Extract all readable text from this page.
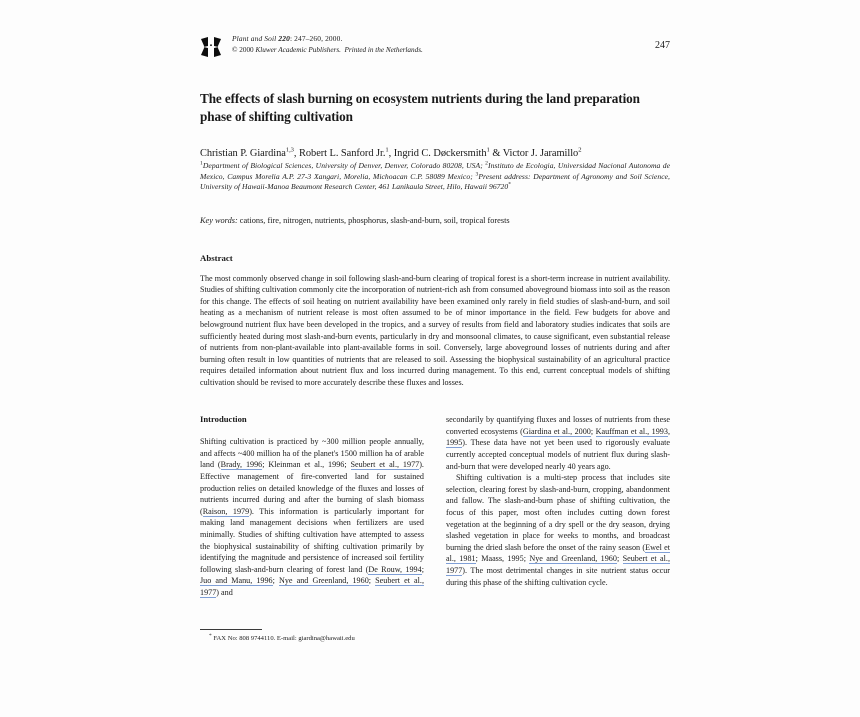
Plant and Soil 220: 247–260, 2000.
© 2000 Kluwer Academic Publishers. Printed in the Netherlands.	247
The effects of slash burning on ecosystem nutrients during the land preparation phase of shifting cultivation
Christian P. Giardina$^{1,3}$, Robert L. Sanford Jr.$^1$, Ingrid C. Døckersmith$^1$ & Victor J. Jaramillo$^2$
$^1$Department of Biological Sciences, University of Denver, Denver, Colorado 80208, USA; $^2$Instituto de Ecologia, Universidad Nacional Autonoma de Mexico, Campus Morelia A.P. 27-3 Xangari, Morelia, Michoacan C.P. 58089 Mexico; $^3$Present address: Department of Agronomy and Soil Science, University of Hawaii-Manoa Beaumont Research Center, 461 Lanikaula Street, Hilo, Hawaii 96720*
Key words: cations, fire, nitrogen, nutrients, phosphorus, slash-and-burn, soil, tropical forests
Abstract
The most commonly observed change in soil following slash-and-burn clearing of tropical forest is a short-term increase in nutrient availability. Studies of shifting cultivation commonly cite the incorporation of nutrient-rich ash from consumed aboveground biomass into soil as the reason for this change. The effects of soil heating on nutrient availability have been examined only rarely in field studies of slash-and-burn, and soil heating as a mechanism of nutrient release is most often assumed to be of minor importance in the field. Few budgets for above and belowground nutrient flux have been developed in the tropics, and a survey of results from field and laboratory studies indicates that soils are sufficiently heated during most slash-and-burn events, particularly in dry and monsoonal climates, to cause significant, even substantial release of nutrients from non-plant-available into plant-available forms in soil. Conversely, large aboveground losses of nutrients during and after burning often result in low quantities of nutrients that are released to soil. Assessing the biophysical sustainability of an agricultural practice requires detailed information about nutrient flux and loss incurred during management. To this end, current conceptual models of shifting cultivation should be revised to more accurately describe these fluxes and losses.
Introduction

Shifting cultivation is practiced by ~300 million people annually, and affects ~400 million ha of the planet's 1500 million ha of arable land (Brady, 1996; Kleinman et al., 1996; Seubert et al., 1977). Effective management of fire-converted land for sustained production relies on detailed knowledge of the fluxes and losses of nutrients incurred during and after the burning of slash biomass (Raison, 1979). This information is particularly important for making land management decisions when fertilizers are used minimally. Studies of shifting cultivation have attempted to assess the biophysical sustainability of shifting cultivation primarily by identifying the magnitude and persistence of increased soil fertility following slash-and-burn clearing of forest land (De Rouw, 1994; Juo and Manu, 1996; Nye and Greenland, 1960; Seubert et al., 1977) and

* FAX No: 808 9744110. E-mail: giardina@hawaii.edu

secondarily by quantifying fluxes and losses of nutrients from these converted ecosystems (Giardina et al., 2000; Kauffman et al., 1993, 1995). These data have not yet been used to rigorously evaluate currently accepted conceptual models of nutrient flux during slash-and-burn that were developed nearly 40 years ago.

Shifting cultivation is a multi-step process that includes site selection, clearing forest by slash-and-burn, cropping, abandonment and fallow. The slash-and-burn phase of shifting cultivation, the focus of this paper, most often includes cutting down forest vegetation at the beginning of a dry spell or the dry season, drying slashed vegetation in place for weeks to months, and broadcast burning the dried slash before the onset of the rainy season (Ewel et al., 1981; Maass, 1995; Nye and Greenland, 1960; Seubert et al., 1977). The most detrimental changes in site nutrient status occur during this phase of the shifting cultivation cycle.
